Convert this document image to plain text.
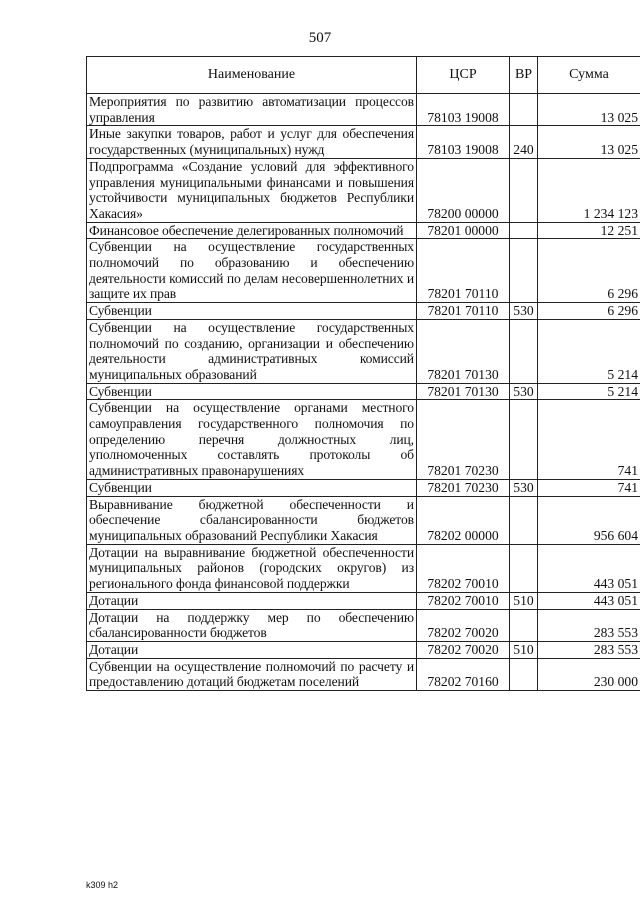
507
Наименование	ЦСР	ВР	Сумма
Мероприятия по развитию автоматизации процессов управления	78103 19008		13 025
Иные закупки товаров, работ и услуг для обеспечения государственных (муниципальных) нужд	78103 19008	240	13 025
Подпрограмма «Создание условий для эффективного управления муниципальными финансами и повышения устойчивости муниципальных бюджетов Республики Хакасия»	78200 00000		1 234 123
Финансовое обеспечение делегированных полномочий	78201 00000		12 251
Субвенции на осуществление государственных полномочий по образованию и обеспечению деятельности комиссий по делам несовершеннолетних и защите их прав	78201 70110		6 296
Субвенции	78201 70110	530	6 296
Субвенции на осуществление государственных полномочий по созданию, организации и обеспечению деятельности административных комиссий муниципальных образований	78201 70130		5 214
Субвенции	78201 70130	530	5 214
Субвенции на осуществление органами местного самоуправления государственного полномочия по определению перечня должностных лиц, уполномоченных составлять протоколы об административных правонарушениях	78201 70230		741
Субвенции	78201 70230	530	741
Выравнивание бюджетной обеспеченности и обеспечение сбалансированности бюджетов муниципальных образований Республики Хакасия	78202 00000		956 604
Дотации на выравнивание бюджетной обеспеченности муниципальных районов (городских округов) из регионального фонда финансовой поддержки	78202 70010		443 051
Дотации	78202 70010	510	443 051
Дотации на поддержку мер по обеспечению сбалансированности бюджетов	78202 70020		283 553
Дотации	78202 70020	510	283 553
Субвенции на осуществление полномочий по расчету и предоставлению дотаций бюджетам поселений	78202 70160		230 000
k309 h2
